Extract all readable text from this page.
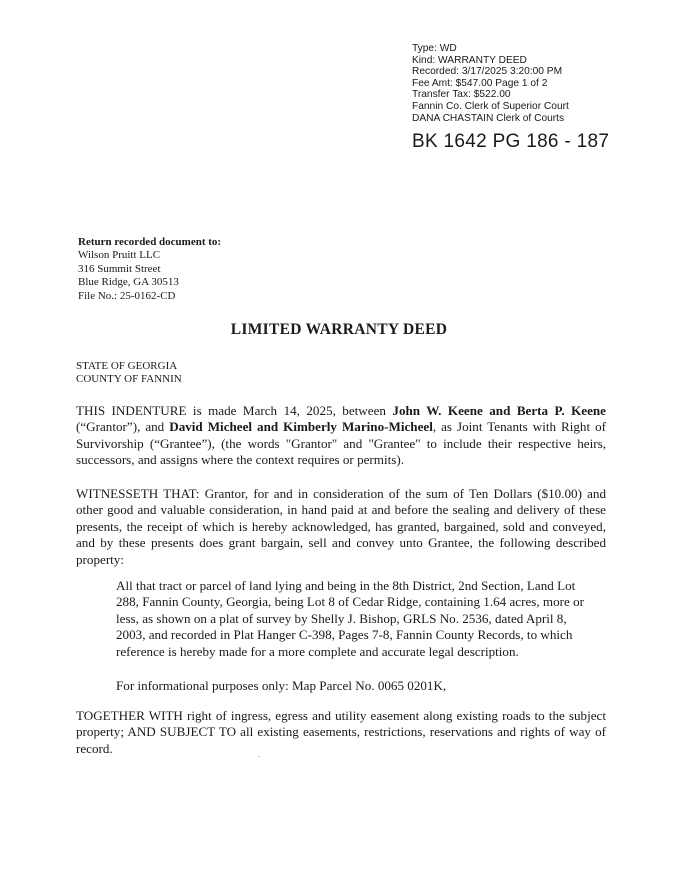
Type: WD
Kind: WARRANTY DEED
Recorded: 3/17/2025 3:20:00 PM
Fee Amt: $547.00 Page 1 of 2
Transfer Tax: $522.00
Fannin Co. Clerk of Superior Court
DANA CHASTAIN Clerk of Courts
BK 1642 PG 186 - 187
Return recorded document to:
Wilson Pruitt LLC
316 Summit Street
Blue Ridge, GA 30513
File No.: 25-0162-CD
LIMITED WARRANTY DEED
STATE OF GEORGIA
COUNTY OF FANNIN
THIS INDENTURE is made March 14, 2025, between John W. Keene and Berta P. Keene (“Grantor”), and David Micheel and Kimberly Marino-Micheel, as Joint Tenants with Right of Survivorship (“Grantee”), (the words "Grantor" and "Grantee" to include their respective heirs, successors, and assigns where the context requires or permits).
WITNESSETH THAT: Grantor, for and in consideration of the sum of Ten Dollars ($10.00) and other good and valuable consideration, in hand paid at and before the sealing and delivery of these presents, the receipt of which is hereby acknowledged, has granted, bargained, sold and conveyed, and by these presents does grant bargain, sell and convey unto Grantee, the following described property:
All that tract or parcel of land lying and being in the 8th District, 2nd Section, Land Lot 288, Fannin County, Georgia, being Lot 8 of Cedar Ridge, containing 1.64 acres, more or less, as shown on a plat of survey by Shelly J. Bishop, GRLS No. 2536, dated April 8, 2003, and recorded in Plat Hanger C-398, Pages 7-8, Fannin County Records, to which reference is hereby made for a more complete and accurate legal description.
For informational purposes only: Map Parcel No. 0065 0201K,
TOGETHER WITH right of ingress, egress and utility easement along existing roads to the subject property; AND SUBJECT TO all existing easements, restrictions, reservations and rights of way of record.
